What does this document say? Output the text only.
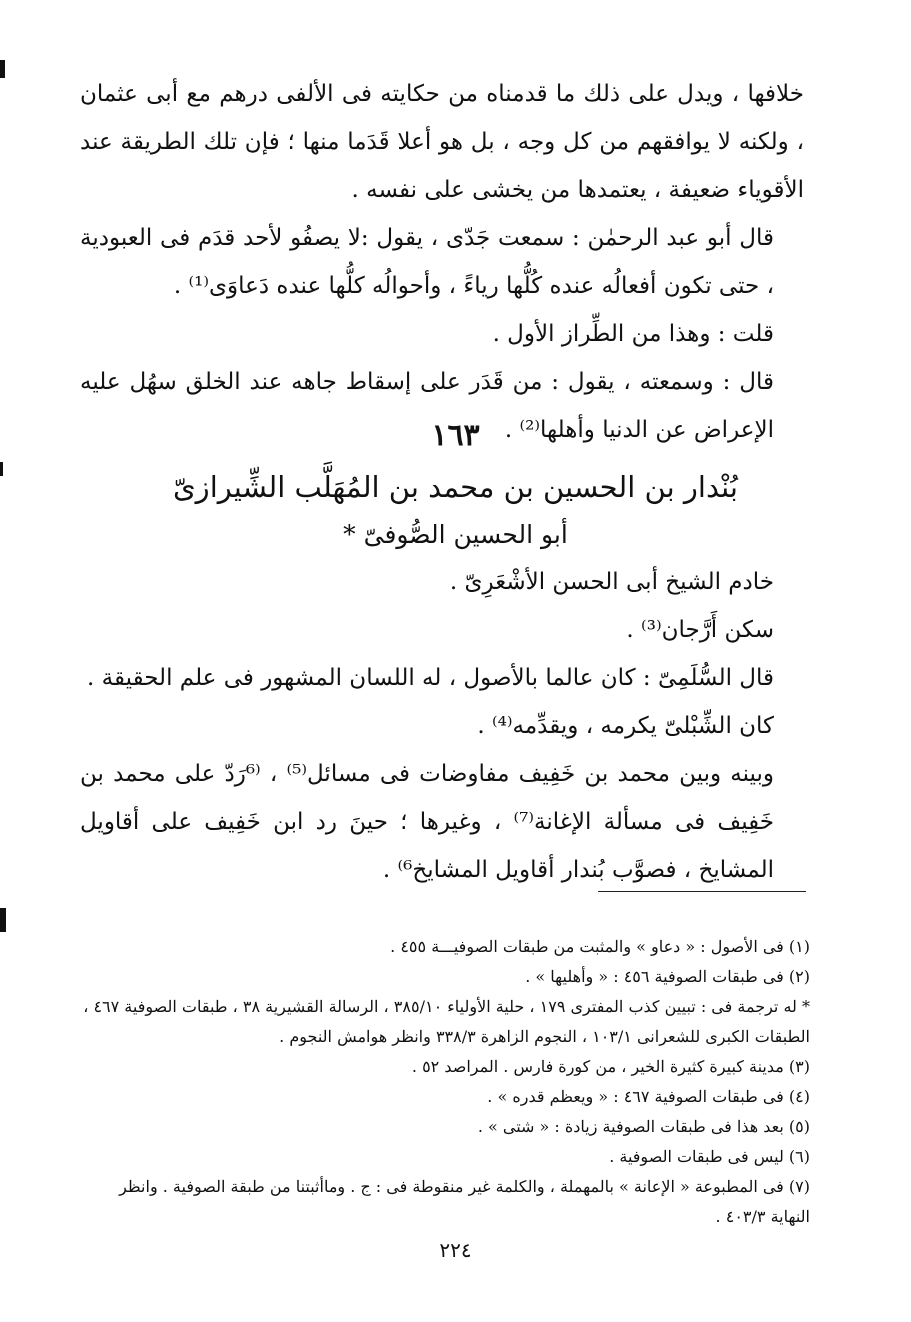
خلافها ، ويدل على ذلك ما قدمناه من حكايته فى الألفى درهم مع أبى عثمان ، ولكنه لا يوافقهم من كل وجه ، بل هو أعلا قَدَما منها ؛ فإن تلك الطريقة عند الأقوياء ضعيفة ، يعتمدها من يخشى على نفسه .

قال أبو عبد الرحمٰن : سمعت جَدّى ، يقول :لا يصفُو لأحد قدَم فى العبودية ، حتى تكون أفعالُه عنده كُلُّها رياءً ، وأحوالُه كلُّها عنده دَعاوَى⁽¹⁾ .

قلت : وهذا من الطِّراز الأول .

قال : وسمعته ، يقول : من قَدَر على إسقاط جاهه عند الخلق سهُل عليه الإعراض عن الدنيا وأهلها⁽²⁾ .

١٦٣
بُنْدار بن الحسين بن محمد بن المُهَلَّب الشِّيرازىّ
أبو الحسين الصُّوفىّ *

خادم الشيخ أبى الحسن الأشْعَرِىّ .

سكن أَرَّجان⁽³⁾ .

قال السُّلَمِىّ : كان عالما بالأصول ، له اللسان المشهور فى علم الحقيقة .

كان الشِّبْلىّ يكرمه ، ويقدِّمه⁽⁴⁾ .

وبينه وبين محمد بن خَفِيف مفاوضات فى مسائل⁽⁵⁾ ، ⁽⁶رَدّ على محمد بن خَفِيف فى مسألة الإغانة⁽⁷⁾ ، وغيرها ؛ حينَ رد ابن خَفِيف على أقاويل المشايخ ، فصوَّب بُندار أقاويل المشايخ⁶⁾ .

(١) فى الأصول : « دعاو » والمثبت من طبقات الصوفيـــة ٤٥٥ .

(٢) فى طبقات الصوفية ٤٥٦ : « وأهليها » .

* له ترجمة فى : تبيين كذب المفترى ١٧٩ ، حلية الأولياء ٣٨٥/١٠ ، الرسالة القشيرية ٣٨ ، طبقات الصوفية ٤٦٧ ، الطبقات الكبرى للشعرانى ١٠٣/١ ، النجوم الزاهرة ٣٣٨/٣ وانظر هوامش النجوم .

(٣) مدينة كبيرة كثيرة الخير ، من كورة فارس . المراصد ٥٢ .

(٤) فى طبقات الصوفية ٤٦٧ : « ويعظم قدره » .

(٥) بعد هذا فى طبقات الصوفية زيادة : « شتى » .

(٦) ليس فى طبقات الصوفية .

(٧) فى المطبوعة « الإعانة » بالمهملة ، والكلمة غير منقوطة فى : ج . وماأثبتنا من طبقة الصوفية . وانظر النهاية ٤٠٣/٣ .

٢٢٤
